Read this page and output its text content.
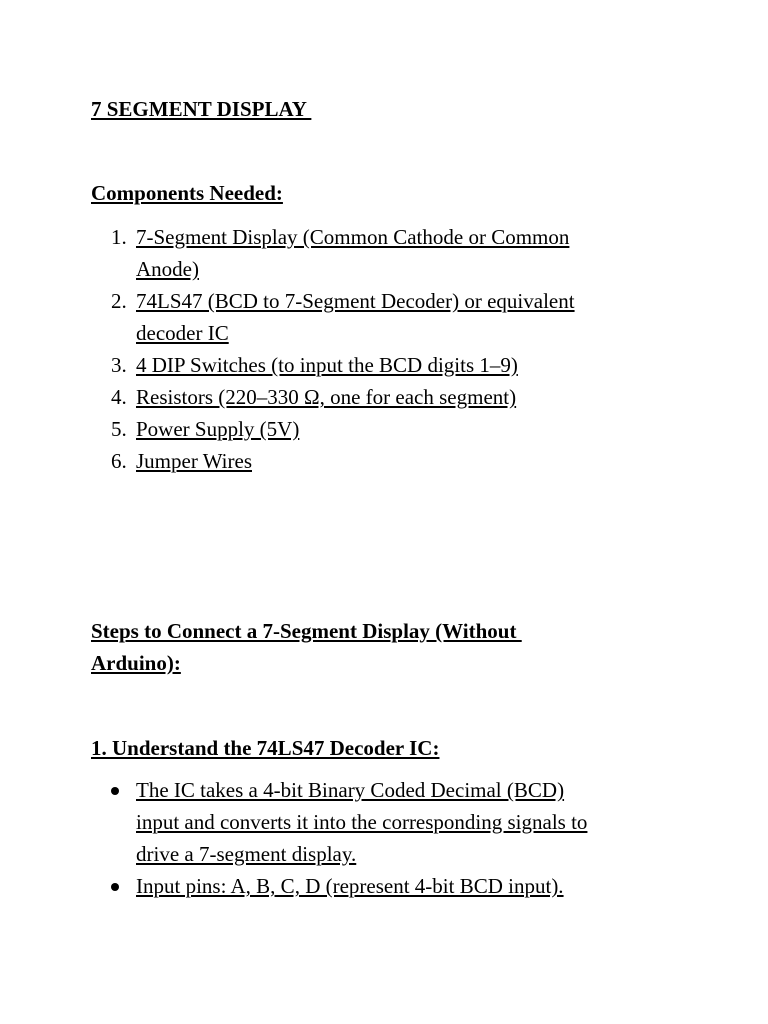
7 SEGMENT DISPLAY
Components Needed:
1. 7-Segment Display (Common Cathode or Common
Anode)
2. 74LS47 (BCD to 7-Segment Decoder) or equivalent
decoder IC
3. 4 DIP Switches (to input the BCD digits 1–9)
4. Resistors (220–330 Ω, one for each segment)
5. Power Supply (5V)
6. Jumper Wires
Steps to Connect a 7-Segment Display (Without
Arduino):
1. Understand the 74LS47 Decoder IC:
The IC takes a 4-bit Binary Coded Decimal (BCD)
input and converts it into the corresponding signals to
drive a 7-segment display.
Input pins: A, B, C, D (represent 4-bit BCD input).
